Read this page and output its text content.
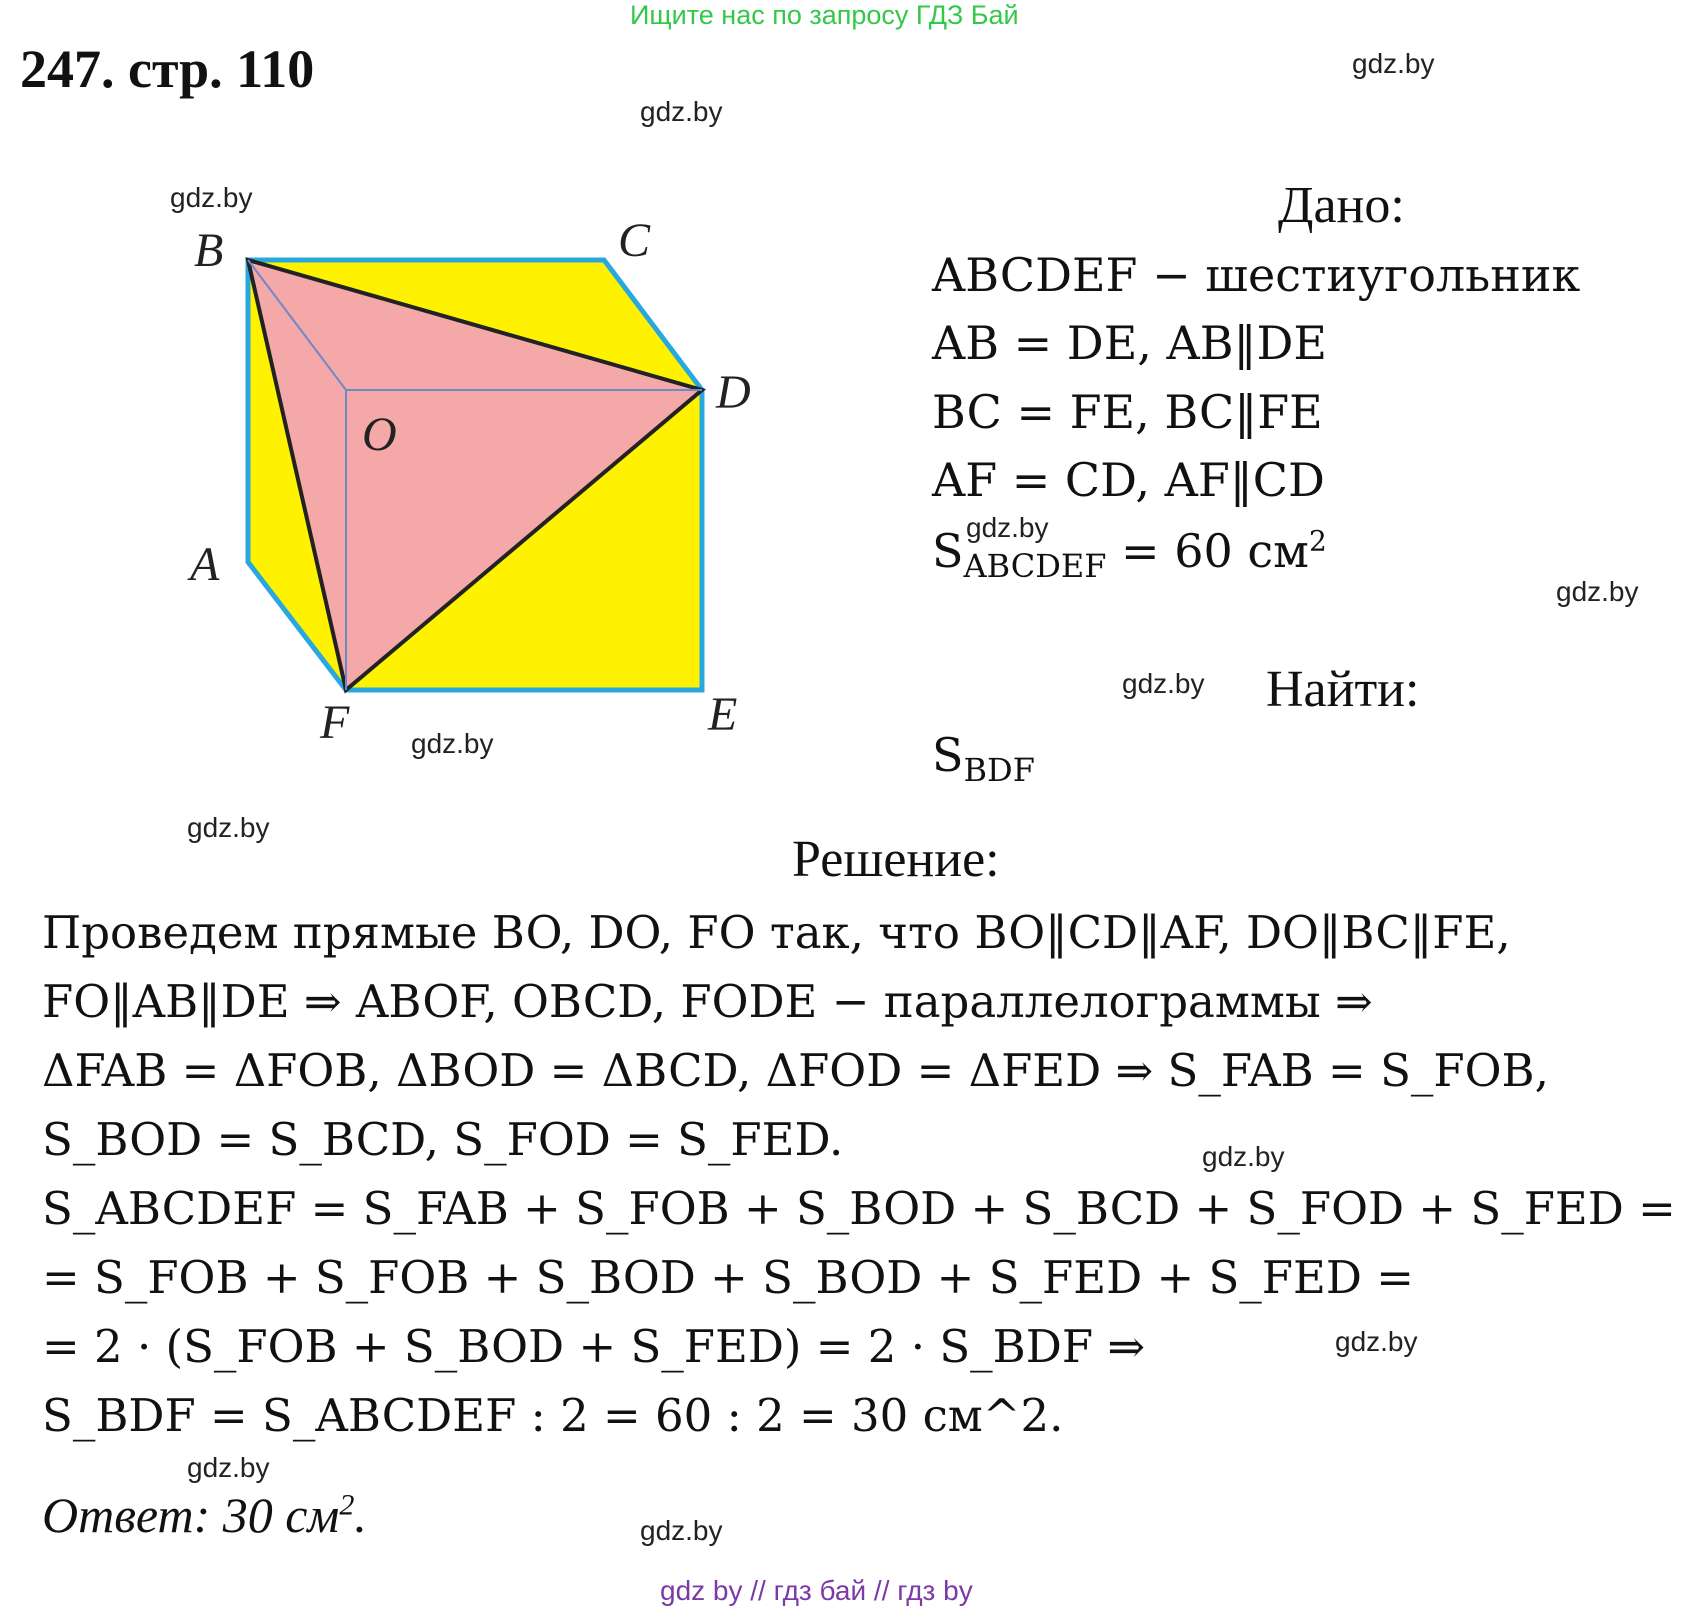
Ищите нас по запросу ГДЗ Бай
247. стр. 110	gdz.by
gdz.by
gdz.by
gdz.by
gdz.by
gdz.by
gdz.by
gdz.by
gdz.by
gdz.by
gdz.by
B	C
D
O
A
F	E
Дано:
ABCDEF − шестиугольник
AB = DE, AB‖DE
BC = FE, BC‖FE
AF = CD, AF‖CD
$S_{ABCDEF} = 60$ $см^2$
gdz.by
Найти:
$S_{BDF}$
Решение:
Проведем прямые BO, DO, FO так, что BO‖CD‖AF, DO‖BC‖FE,
FO‖AB‖DE ⇒ ABOF, OBCD, FODE − параллелограммы ⇒
ΔFAB = ΔFOB, ΔBOD = ΔBCD, ΔFOD = ΔFED ⇒ S_FAB = S_FOB,
S_BOD = S_BCD, S_FOD = S_FED.
S_ABCDEF = S_FAB + S_FOB + S_BOD + S_BCD + S_FOD + S_FED =
= S_FOB + S_FOB + S_BOD + S_BOD + S_FED + S_FED =
= 2 · (S_FOB + S_BOD + S_FED) = 2 · S_BDF ⇒
S_BDF = S_ABCDEF : 2 = 60 : 2 = 30 см^2.
Ответ: 30 $см^2$.
gdz by // гдз бай // гдз by
